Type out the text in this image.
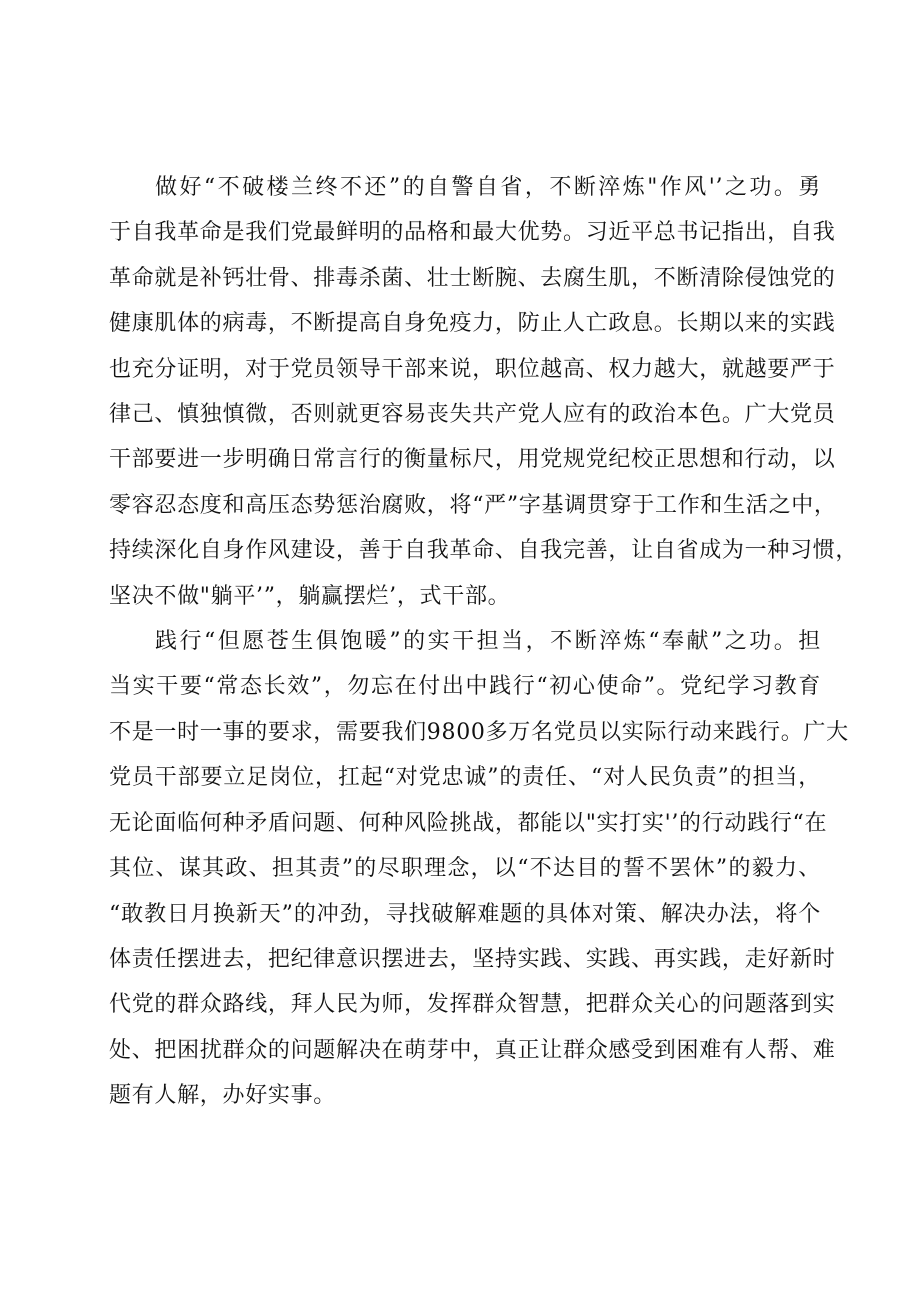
做好“不破楼兰终不还”的自警自省，不断淬炼"作风'’之功。勇
于自我革命是我们党最鲜明的品格和最大优势。习近平总书记指出，自我
革命就是补钙壮骨、排毒杀菌、壮士断腕、去腐生肌，不断清除侵蚀党的
健康肌体的病毒，不断提高自身免疫力，防止人亡政息。长期以来的实践
也充分证明，对于党员领导干部来说，职位越高、权力越大，就越要严于
律己、慎独慎微，否则就更容易丧失共产党人应有的政治本色。广大党员
干部要进一步明确日常言行的衡量标尺，用党规党纪校正思想和行动，以
零容忍态度和高压态势惩治腐败，将“严”字基调贯穿于工作和生活之中，
持续深化自身作风建设，善于自我革命、自我完善，让自省成为一种习惯，
坚决不做"躺平’”，躺赢摆烂’，式干部。

践行“但愿苍生俱饱暖”的实干担当，不断淬炼“奉献”之功。担
当实干要“常态长效”，勿忘在付出中践行“初心使命”。党纪学习教育
不是一时一事的要求，需要我们9800多万名党员以实际行动来践行。广大
党员干部要立足岗位，扛起“对党忠诚”的责任、“对人民负责”的担当，
无论面临何种矛盾问题、何种风险挑战，都能以"实打实'’的行动践行“在
其位、谋其政、担其责”的尽职理念，以“不达目的誓不罢休”的毅力、
“敢教日月换新天”的冲劲，寻找破解难题的具体对策、解决办法，将个
体责任摆进去，把纪律意识摆进去，坚持实践、实践、再实践，走好新时
代党的群众路线，拜人民为师，发挥群众智慧，把群众关心的问题落到实
处、把困扰群众的问题解决在萌芽中，真正让群众感受到困难有人帮、难
题有人解，办好实事。
